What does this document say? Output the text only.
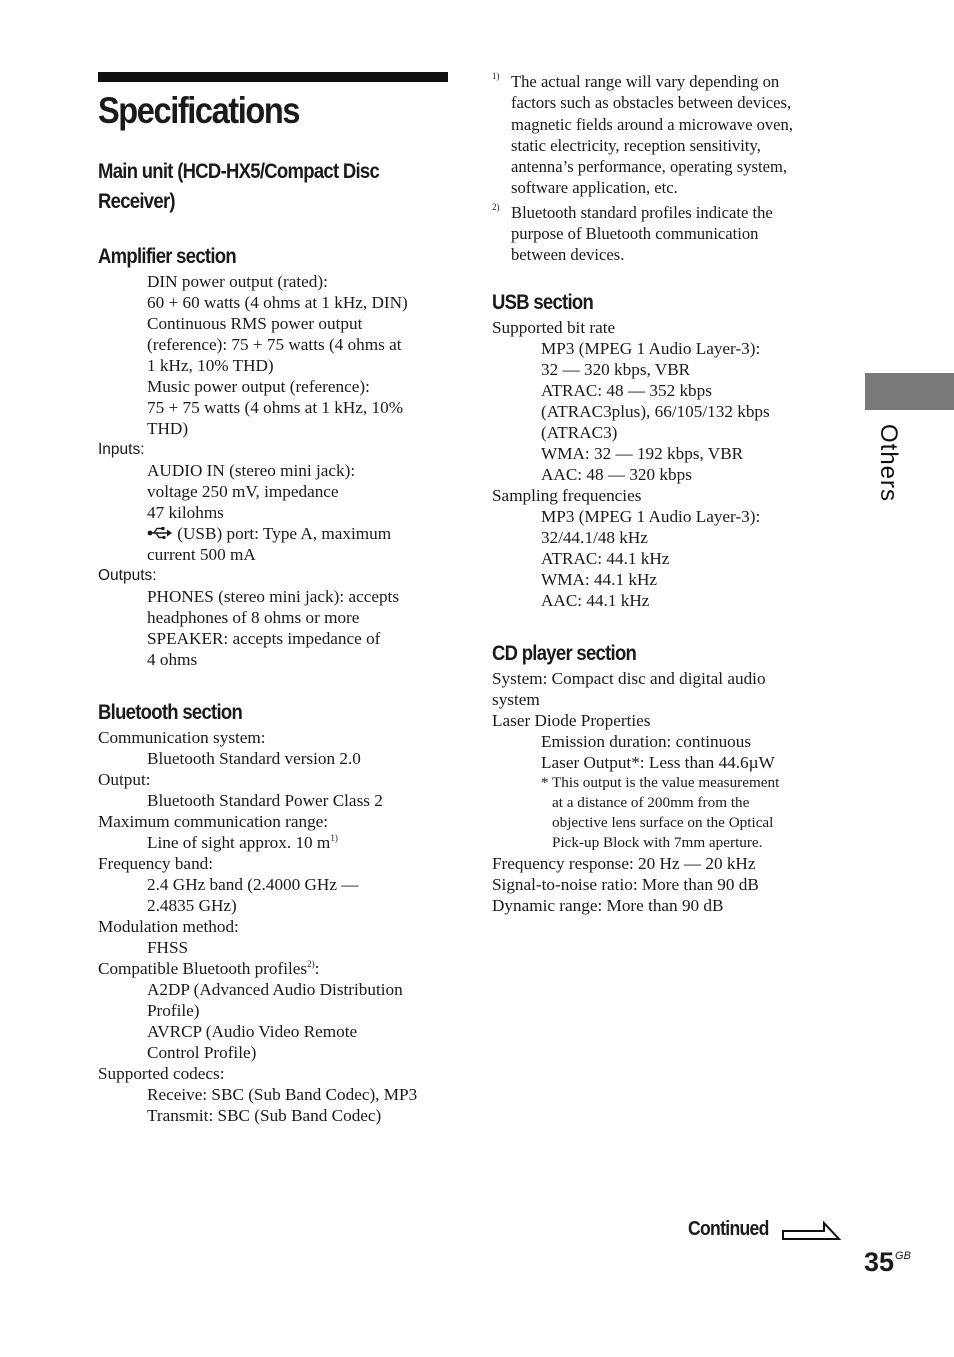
Specifications
Main unit (HCD-HX5/Compact Disc
Receiver)
Amplifier section
DIN power output (rated):
60 + 60 watts (4 ohms at 1 kHz, DIN)
Continuous RMS power output
(reference): 75 + 75 watts (4 ohms at
1 kHz, 10% THD)
Music power output (reference):
75 + 75 watts (4 ohms at 1 kHz, 10%
THD)
Inputs:
AUDIO IN (stereo mini jack):
voltage 250 mV, impedance
47 kilohms
(USB) port: Type A, maximum
current 500 mA
Outputs:
PHONES (stereo mini jack): accepts
headphones of 8 ohms or more
SPEAKER: accepts impedance of
4 ohms
Bluetooth section
Communication system:
Bluetooth Standard version 2.0
Output:
Bluetooth Standard Power Class 2
Maximum communication range:
Line of sight approx. 10 $m^{1)}$
Frequency band:
2.4 GHz band (2.4000 GHz —
2.4835 GHz)
Modulation method:
FHSS
Compatible Bluetooth profiles$^{2)}$:
A2DP (Advanced Audio Distribution
Profile)
AVRCP (Audio Video Remote
Control Profile)
Supported codecs:
Receive: SBC (Sub Band Codec), MP3
Transmit: SBC (Sub Band Codec)
1) The actual range will vary depending on
factors such as obstacles between devices,
magnetic fields around a microwave oven,
static electricity, reception sensitivity,
antenna’s performance, operating system,
software application, etc.
2) Bluetooth standard profiles indicate the
purpose of Bluetooth communication
between devices.
USB section
Supported bit rate
MP3 (MPEG 1 Audio Layer-3):
32 — 320 kbps, VBR
ATRAC: 48 — 352 kbps
(ATRAC3plus), 66/105/132 kbps
(ATRAC3)
WMA: 32 — 192 kbps, VBR
AAC: 48 — 320 kbps
Sampling frequencies
MP3 (MPEG 1 Audio Layer-3):
32/44.1/48 kHz
ATRAC: 44.1 kHz
WMA: 44.1 kHz
AAC: 44.1 kHz
CD player section
System: Compact disc and digital audio
system
Laser Diode Properties
Emission duration: continuous
Laser Output*: Less than 44.6µW
* This output is the value measurement
at a distance of 200mm from the
objective lens surface on the Optical
Pick-up Block with 7mm aperture.
Frequency response: 20 Hz — 20 kHz
Signal-to-noise ratio: More than 90 dB
Dynamic range: More than 90 dB
Others
Continued
$35^{GB}$
